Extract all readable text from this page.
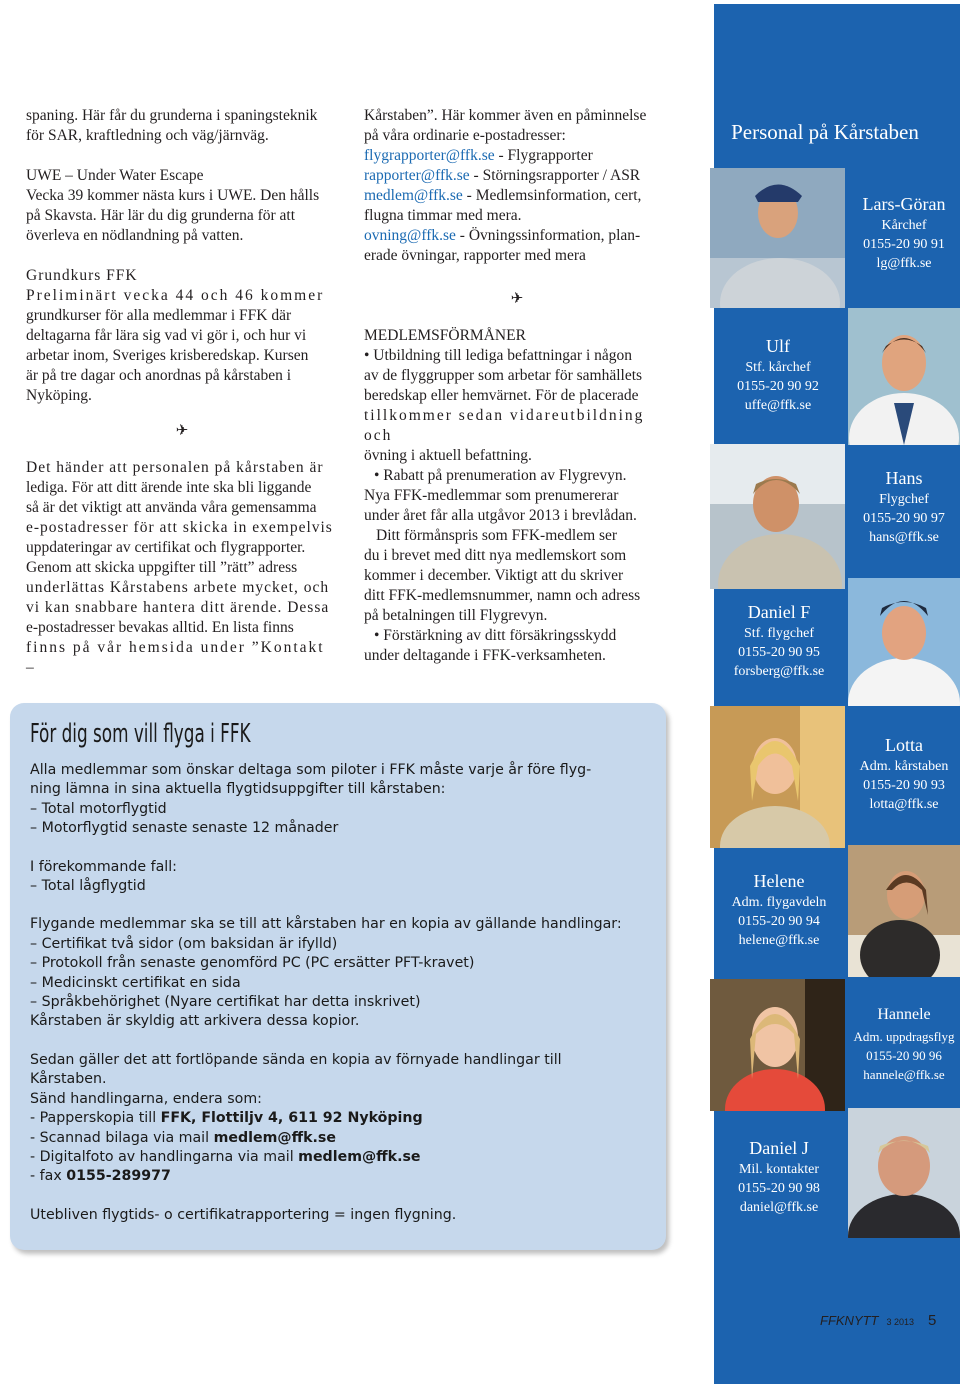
spaning. Här får du grunderna i spaningsteknik

för SAR, kraftledning och väg/järnväg.

UWE – Under Water Escape

Vecka 39 kommer nästa kurs i UWE. Den hålls

på Skavsta. Här lär du dig grunderna för att

överleva en nödlandning på vatten.

Grundkurs FFK

Preliminärt vecka 44 och 46 kommer

grundkurser för alla medlemmar i FFK där

deltagarna får lära sig vad vi gör i, och hur vi

arbetar inom, Sveriges krisberedskap. Kursen

är på tre dagar och anordnas på kårstaben i

Nyköping.

✈

Det händer att personalen på kårstaben är

lediga. För att ditt ärende inte ska bli liggande

så är det viktigt att använda våra gemensamma

e-postadresser för att skicka in exempelvis

uppdateringar av certifikat och flygrapporter.

Genom att skicka uppgifter till ”rätt” adress

underlättas Kårstabens arbete mycket, och

vi kan snabbare hantera ditt ärende. Dessa

e-postadresser bevakas alltid. En lista finns

finns på vår hemsida under ”Kontakt –

Kårstaben”. Här kommer även en påminnelse

på våra ordinarie e-postadresser:

flygrapporter@ffk.se - Flygrapporter

rapporter@ffk.se - Störningsrapporter / ASR

medlem@ffk.se - Medlemsinformation, cert,

flugna timmar med mera.

ovning@ffk.se - Övningssinformation, plan-

erade övningar, rapporter med mera

✈

MEDLEMSFÖRMÅNER

• Utbildning till lediga befattningar i någon

av de flyggrupper som arbetar för samhällets

beredskap eller hemvärnet. För de placerade

tillkommer sedan vidareutbildning och

övning i aktuell befattning.

• Rabatt på prenumeration av Flygrevyn.

Nya FFK-medlemmar som prenumererar

under året får alla utgåvor 2013 i brevlådan.

Ditt förmånspris som FFK-medlem ser

du i brevet med ditt nya medlemskort som

kommer i december. Viktigt att du skriver

ditt FFK-medlemsnummer, namn och adress

på betalningen till Flygrevyn.

• Förstärkning av ditt försäkringsskydd

under deltagande i FFK-verksamheten.

Personal på Kårstaben
Lars-Göran
Kårchef
0155-20 90 91
lg@ffk.se
Ulf
Stf. kårchef
0155-20 90 92
uffe@ffk.se
Hans
Flygchef
0155-20 90 97
hans@ffk.se
Daniel F
Stf. flygchef
0155-20 90 95
forsberg@ffk.se
Lotta
Adm. kårstaben
0155-20 90 93
lotta@ffk.se
Helene
Adm. flygavdeln
0155-20 90 94
helene@ffk.se
Hannele
Adm. uppdragsflyg
0155-20 90 96
hannele@ffk.se
Daniel J
Mil. kontakter
0155-20 90 98
daniel@ffk.se
För dig som vill flyga i FFK

Alla medlemmar som önskar deltaga som piloter i FFK måste varje år före flyg-

ning lämna in sina aktuella flygtidsuppgifter till kårstaben:

– Total motorflygtid

– Motorflygtid senaste senaste 12 månader

I förekommande fall:

– Total lågflygtid

Flygande medlemmar ska se till att kårstaben har en kopia av gällande handlingar:

– Certifikat två sidor (om baksidan är ifylld)

– Protokoll från senaste genomförd PC (PC ersätter PFT-kravet)

– Medicinskt certifikat en sida

– Språkbehörighet (Nyare certifikat har detta inskrivet)

Kårstaben är skyldig att arkivera dessa kopior.

Sedan gäller det att fortlöpande sända en kopia av förnyade handlingar till

Kårstaben.

Sänd handlingarna, endera som:

- Papperskopia till FFK, Flottiljv 4, 611 92 Nyköping

- Scannad bilaga via mail medlem@ffk.se

- Digitalfoto av handlingarna via mail medlem@ffk.se

- fax 0155-289977

Utebliven flygtids- o certifikatrapportering = ingen flygning.

FFKNYTT 3 2013 5
